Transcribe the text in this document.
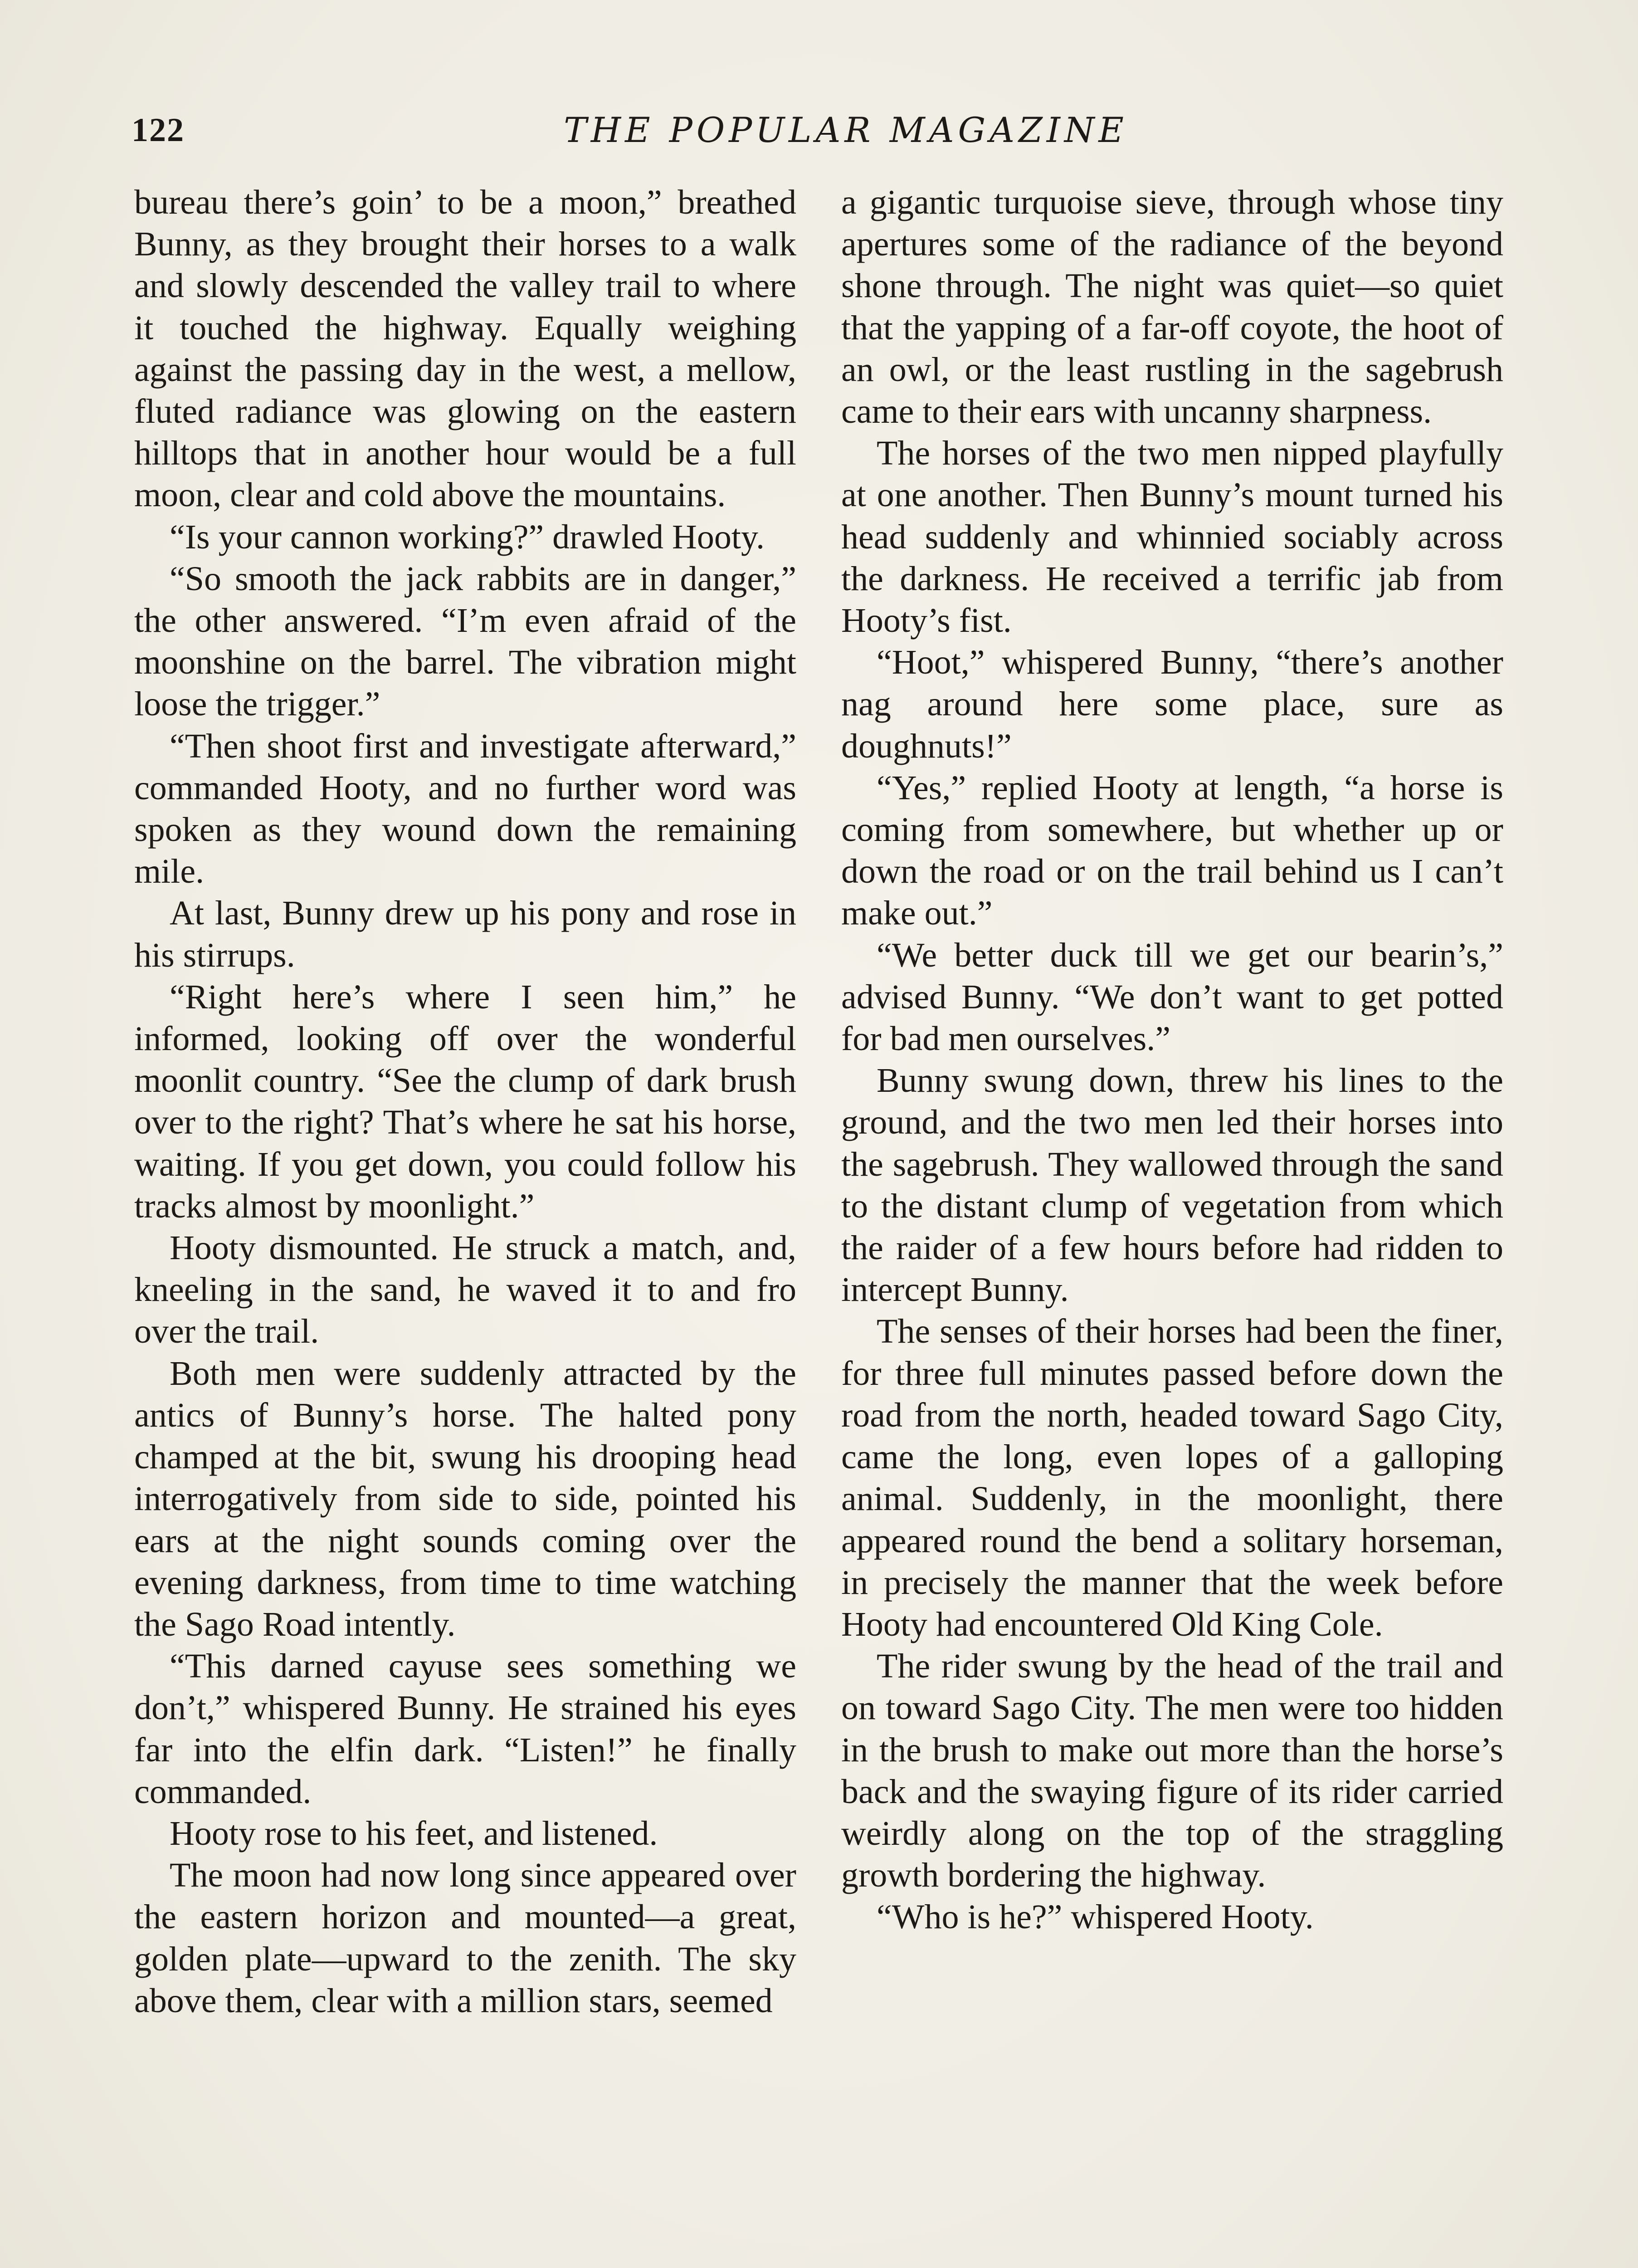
122	THE POPULAR MAGAZINE

bureau there’s goin’ to be a moon,” breathed Bunny, as they brought their horses to a walk and slowly descended the valley trail to where it touched the highway. Equally weighing against the passing day in the west, a mellow, fluted radiance was glowing on the eastern hilltops that in another hour would be a full moon, clear and cold above the mountains.

“Is your cannon working?” drawled Hooty.

“So smooth the jack rabbits are in danger,” the other answered. “I’m even afraid of the moonshine on the barrel. The vibration might loose the trigger.”

“Then shoot first and investigate afterward,” commanded Hooty, and no further word was spoken as they wound down the remaining mile.

At last, Bunny drew up his pony and rose in his stirrups.

“Right here’s where I seen him,” he informed, looking off over the wonderful moonlit country. “See the clump of dark brush over to the right? That’s where he sat his horse, waiting. If you get down, you could follow his tracks almost by moonlight.”

Hooty dismounted. He struck a match, and, kneeling in the sand, he waved it to and fro over the trail.

Both men were suddenly attracted by the antics of Bunny’s horse. The halted pony champed at the bit, swung his drooping head interrogatively from side to side, pointed his ears at the night sounds coming over the evening darkness, from time to time watching the Sago Road intently.

“This darned cayuse sees something we don’t,” whispered Bunny. He strained his eyes far into the elfin dark. “Listen!” he finally commanded.

Hooty rose to his feet, and listened.

The moon had now long since appeared over the eastern horizon and mounted—a great, golden plate—upward to the zenith. The sky above them, clear with a million stars, seemed

a gigantic turquoise sieve, through whose tiny apertures some of the radiance of the beyond shone through. The night was quiet—so quiet that the yapping of a far-off coyote, the hoot of an owl, or the least rustling in the sagebrush came to their ears with uncanny sharpness.

The horses of the two men nipped playfully at one another. Then Bunny’s mount turned his head suddenly and whinnied sociably across the darkness. He received a terrific jab from Hooty’s fist.

“Hoot,” whispered Bunny, “there’s another nag around here some place, sure as doughnuts!”

“Yes,” replied Hooty at length, “a horse is coming from somewhere, but whether up or down the road or on the trail behind us I can’t make out.”

“We better duck till we get our bearin’s,” advised Bunny. “We don’t want to get potted for bad men ourselves.”

Bunny swung down, threw his lines to the ground, and the two men led their horses into the sagebrush. They wallowed through the sand to the distant clump of vegetation from which the raider of a few hours before had ridden to intercept Bunny.

The senses of their horses had been the finer, for three full minutes passed before down the road from the north, headed toward Sago City, came the long, even lopes of a galloping animal. Suddenly, in the moonlight, there appeared round the bend a solitary horseman, in precisely the manner that the week before Hooty had encountered Old King Cole.

The rider swung by the head of the trail and on toward Sago City. The men were too hidden in the brush to make out more than the horse’s back and the swaying figure of its rider carried weirdly along on the top of the straggling growth bordering the highway.

“Who is he?” whispered Hooty.
